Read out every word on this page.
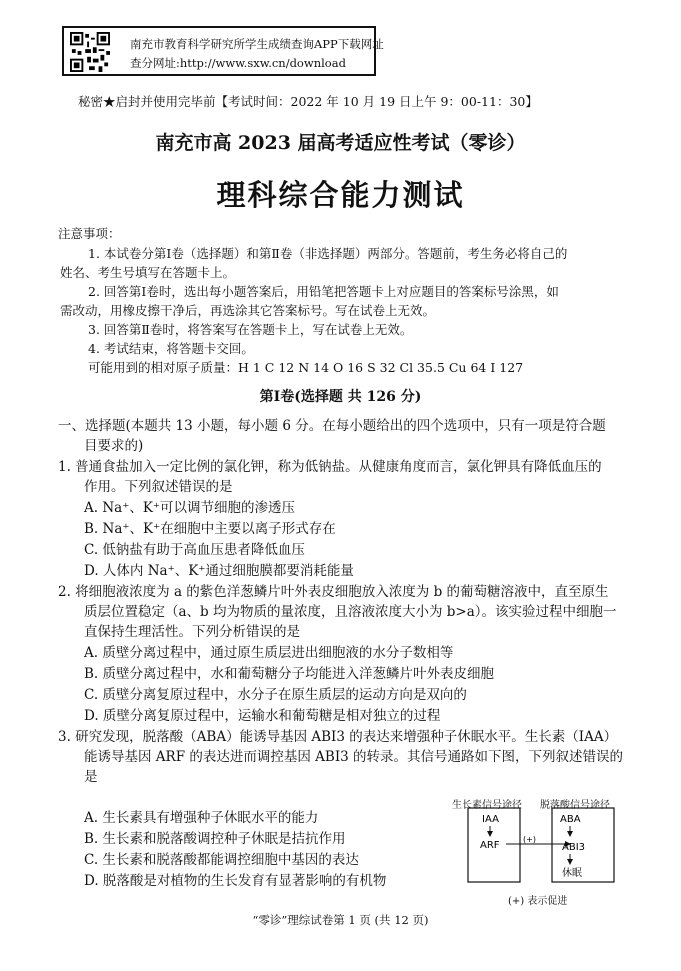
南充市教育科学研究所学生成绩查询APP下载网址
查分网址:http://www.sxw.cn/download
秘密★启封并使用完毕前【考试时间：2022 年 10 月 19 日上午 9：00-11：30】
南充市高 2023 届高考适应性考试（零诊）
理科综合能力测试
注意事项：
1. 本试卷分第Ⅰ卷（选择题）和第Ⅱ卷（非选择题）两部分。答题前，考生务必将自己的
姓名、考生号填写在答题卡上。
2. 回答第Ⅰ卷时，选出每小题答案后，用铅笔把答题卡上对应题目的答案标号涂黑，如
需改动，用橡皮擦干净后，再选涂其它答案标号。写在试卷上无效。
3. 回答第Ⅱ卷时，将答案写在答题卡上，写在试卷上无效。
4. 考试结束，将答题卡交回。
可能用到的相对原子质量：H 1 C 12 N 14 O 16 S 32 Cl 35.5 Cu 64 I 127
第Ⅰ卷(选择题 共 126 分)
一、选择题(本题共 13 小题，每小题 6 分。在每小题给出的四个选项中，只有一项是符合题
目要求的)
1. 普通食盐加入一定比例的氯化钾，称为低钠盐。从健康角度而言，氯化钾具有降低血压的
作用。下列叙述错误的是
A. Na⁺、K⁺可以调节细胞的渗透压
B. Na⁺、K⁺在细胞中主要以离子形式存在
C. 低钠盐有助于高血压患者降低血压
D. 人体内 Na⁺、K⁺通过细胞膜都要消耗能量
2. 将细胞液浓度为 a 的紫色洋葱鳞片叶外表皮细胞放入浓度为 b 的葡萄糖溶液中，直至原生
质层位置稳定（a、b 均为物质的量浓度，且溶液浓度大小为 b>a）。该实验过程中细胞一
直保持生理活性。下列分析错误的是
A. 质壁分离过程中，通过原生质层进出细胞液的水分子数相等
B. 质壁分离过程中，水和葡萄糖分子均能进入洋葱鳞片叶外表皮细胞
C. 质壁分离复原过程中，水分子在原生质层的运动方向是双向的
D. 质壁分离复原过程中，运输水和葡萄糖是相对独立的过程
3. 研究发现，脱落酸（ABA）能诱导基因 ABI3 的表达来增强种子休眠水平。生长素（IAA）
能诱导基因 ARF 的表达进而调控基因 ABI3 的转录。其信号通路如下图，下列叙述错误的
是
A. 生长素具有增强种子休眠水平的能力
B. 生长素和脱落酸调控种子休眠是拮抗作用
C. 生长素和脱落酸都能调控细胞中基因的表达
D. 脱落酸是对植物的生长发育有显著影响的有机物
生长素信号途径 脱落酸信号途径
IAA
ARF
(+)
ABA
ABI3
休眠
(+) 表示促进
“零诊”理综试卷第 1 页 (共 12 页)
